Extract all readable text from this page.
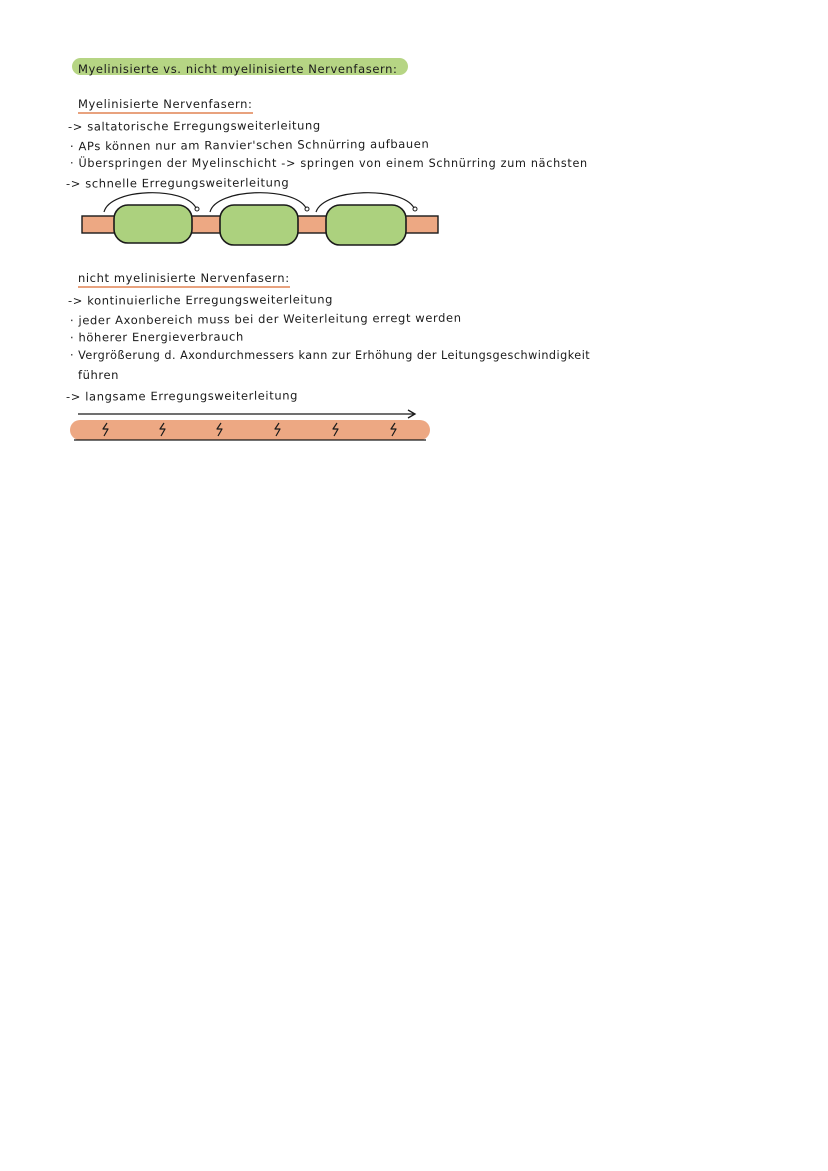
Myelinisierte vs. nicht myelinisierte Nervenfasern:
Myelinisierte Nervenfasern:
-> saltatorische Erregungsweiterleitung
· APs können nur am Ranvier'schen Schnürring aufbauen
· Überspringen der Myelinschicht -> springen von einem Schnürring zum nächsten
-> schnelle Erregungsweiterleitung
nicht myelinisierte Nervenfasern:
-> kontinuierliche Erregungsweiterleitung
· jeder Axonbereich muss bei der Weiterleitung erregt werden
· höherer Energieverbrauch
· Vergrößerung d. Axondurchmessers kann zur Erhöhung der Leitungsgeschwindigkeit
führen
-> langsame Erregungsweiterleitung
